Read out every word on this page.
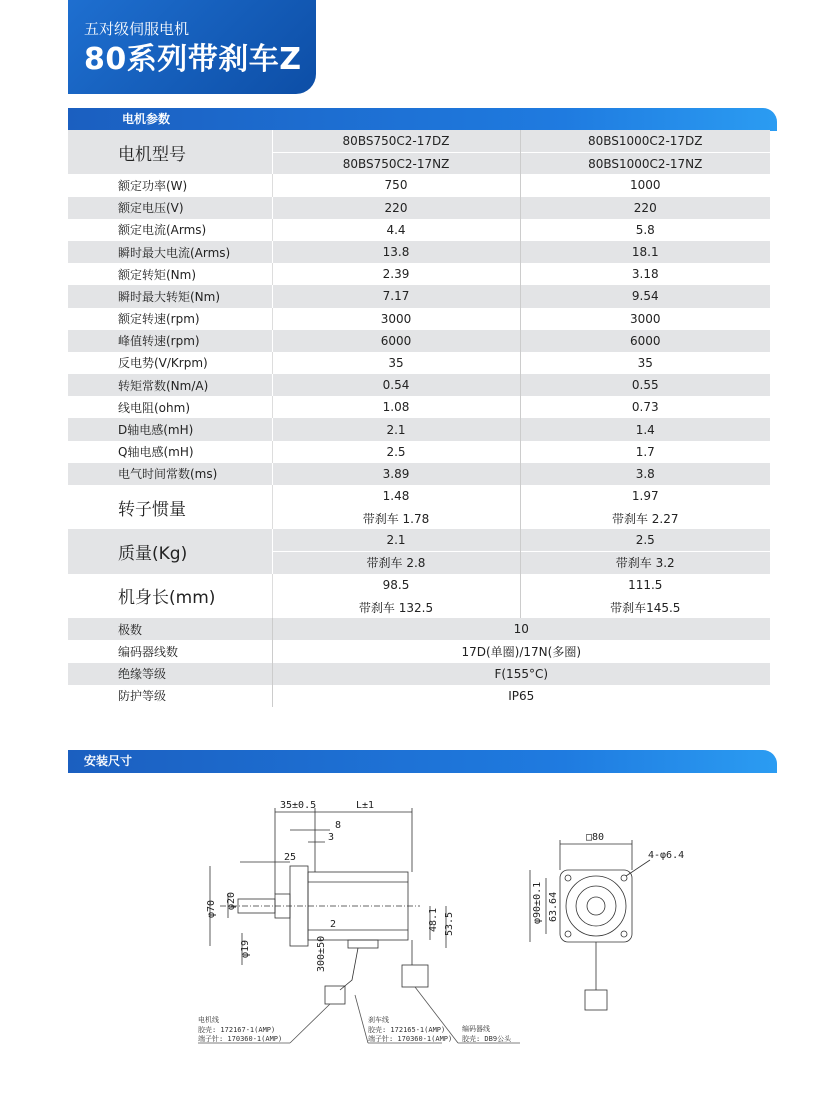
五对级伺服电机
80系列带刹车Z
电机参数
电机型号	80BS750C2-17DZ	80BS1000C2-17DZ
	80BS750C2-17NZ	80BS1000C2-17NZ
额定功率(W)	750	1000
额定电压(V)	220	220
额定电流(Arms)	4.4	5.8
瞬时最大电流(Arms)	13.8	18.1
额定转矩(Nm)	2.39	3.18
瞬时最大转矩(Nm)	7.17	9.54
额定转速(rpm)	3000	3000
峰值转速(rpm)	6000	6000
反电势(V/Krpm)	35	35
转矩常数(Nm/A)	0.54	0.55
线电阻(ohm)	1.08	0.73
D轴电感(mH)	2.1	1.4
Q轴电感(mH)	2.5	1.7
电气时间常数(ms)	3.89	3.8
转子惯量	1.48	1.97
	带刹车 1.78	带刹车 2.27
质量(Kg)	2.1	2.5
	带刹车 2.8	带刹车 3.2
机身长(mm)	98.5	111.5
	带刹车 132.5	带刹车145.5
极数	10	
编码器线数	17D(单圈)/17N(多圈)	
绝缘等级	F(155°C)	
防护等级	IP65	
安装尺寸
35±0.5	L±1
8
3
25
φ70 φ20
φ19
2
300±50
48.1 53.5
□80
4-φ6.4
φ90±0.1 63.64
电机线
胶壳: 172167-1(AMP)
端子针: 170360-1(AMP)
刹车线
胶壳: 172165-1(AMP)
端子针: 170360-1(AMP)
编码器线
胶壳: DB9公头
